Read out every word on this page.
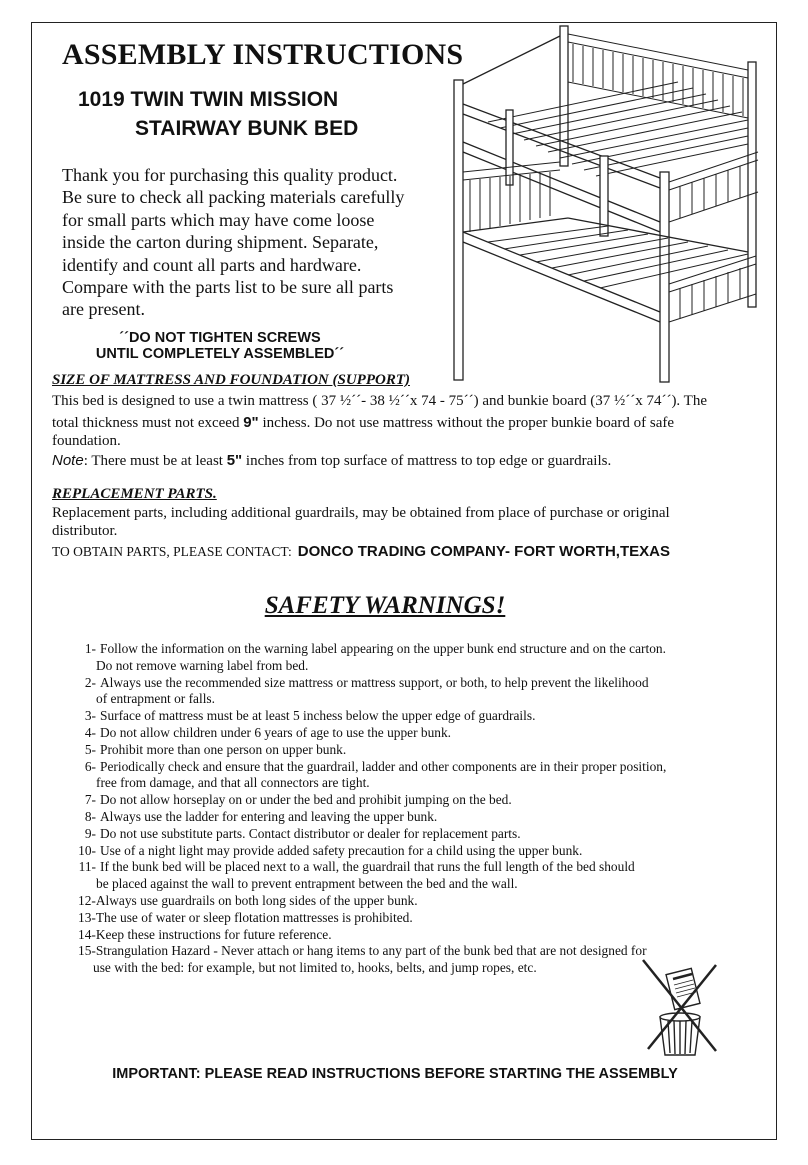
ASSEMBLY INSTRUCTIONS
1019 TWIN TWIN MISSION
STAIRWAY BUNK BED
Thank you for purchasing this quality product.
Be sure to check all packing materials carefully
for small parts which may have come loose
inside the carton during shipment. Separate,
identify and count all parts and hardware.
Compare with the parts list to be sure all parts
are present.
´´DO NOT TIGHTEN SCREWS
UNTIL COMPLETELY ASSEMBLED´´
SIZE OF MATTRESS AND FOUNDATION (SUPPORT)
This bed is designed to use a twin mattress ( 37 ½´´- 38 ½´´x 74 - 75´´) and bunkie board (37 ½´´x 74´´). The
total thickness must not exceed 9" inchess. Do not use mattress without the proper bunkie board of safe
foundation.
Note: There must be at least 5" inches from top surface of mattress to top edge or guardrails.
REPLACEMENT PARTS.
Replacement parts, including additional guardrails, may be obtained from place of purchase or original
distributor.
TO OBTAIN PARTS, PLEASE CONTACT: DONCO TRADING COMPANY- FORT WORTH,TEXAS
SAFETY WARNINGS!
1- Follow the information on the warning label appearing on the upper bunk end structure and on the carton.
Do not remove warning label from bed.
2- Always use the recommended size mattress or mattress support, or both, to help prevent the likelihood
of entrapment or falls.
3- Surface of mattress must be at least 5 inchess below the upper edge of guardrails.
4- Do not allow children under 6 years of age to use the upper bunk.
5- Prohibit more than one person on upper bunk.
6- Periodically check and ensure that the guardrail, ladder and other components are in their proper position,
free from damage, and that all connectors are tight.
7- Do not allow horseplay on or under the bed and prohibit jumping on the bed.
8- Always use the ladder for entering and leaving the upper bunk.
9- Do not use substitute parts. Contact distributor or dealer for replacement parts.
10- Use of a night light may provide added safety precaution for a child using the upper bunk.
11- If the bunk bed will be placed next to a wall, the guardrail that runs the full length of the bed should
be placed against the wall to prevent entrapment between the bed and the wall.
12- Always use guardrails on both long sides of the upper bunk.
13- The use of water or sleep flotation mattresses is prohibited.
14- Keep these instructions for future reference.
15- Strangulation Hazard - Never attach or hang items to any part of the bunk bed that are not designed for
use with the bed: for example, but not limited to, hooks, belts, and jump ropes, etc.
IMPORTANT: PLEASE READ INSTRUCTIONS BEFORE STARTING THE ASSEMBLY
